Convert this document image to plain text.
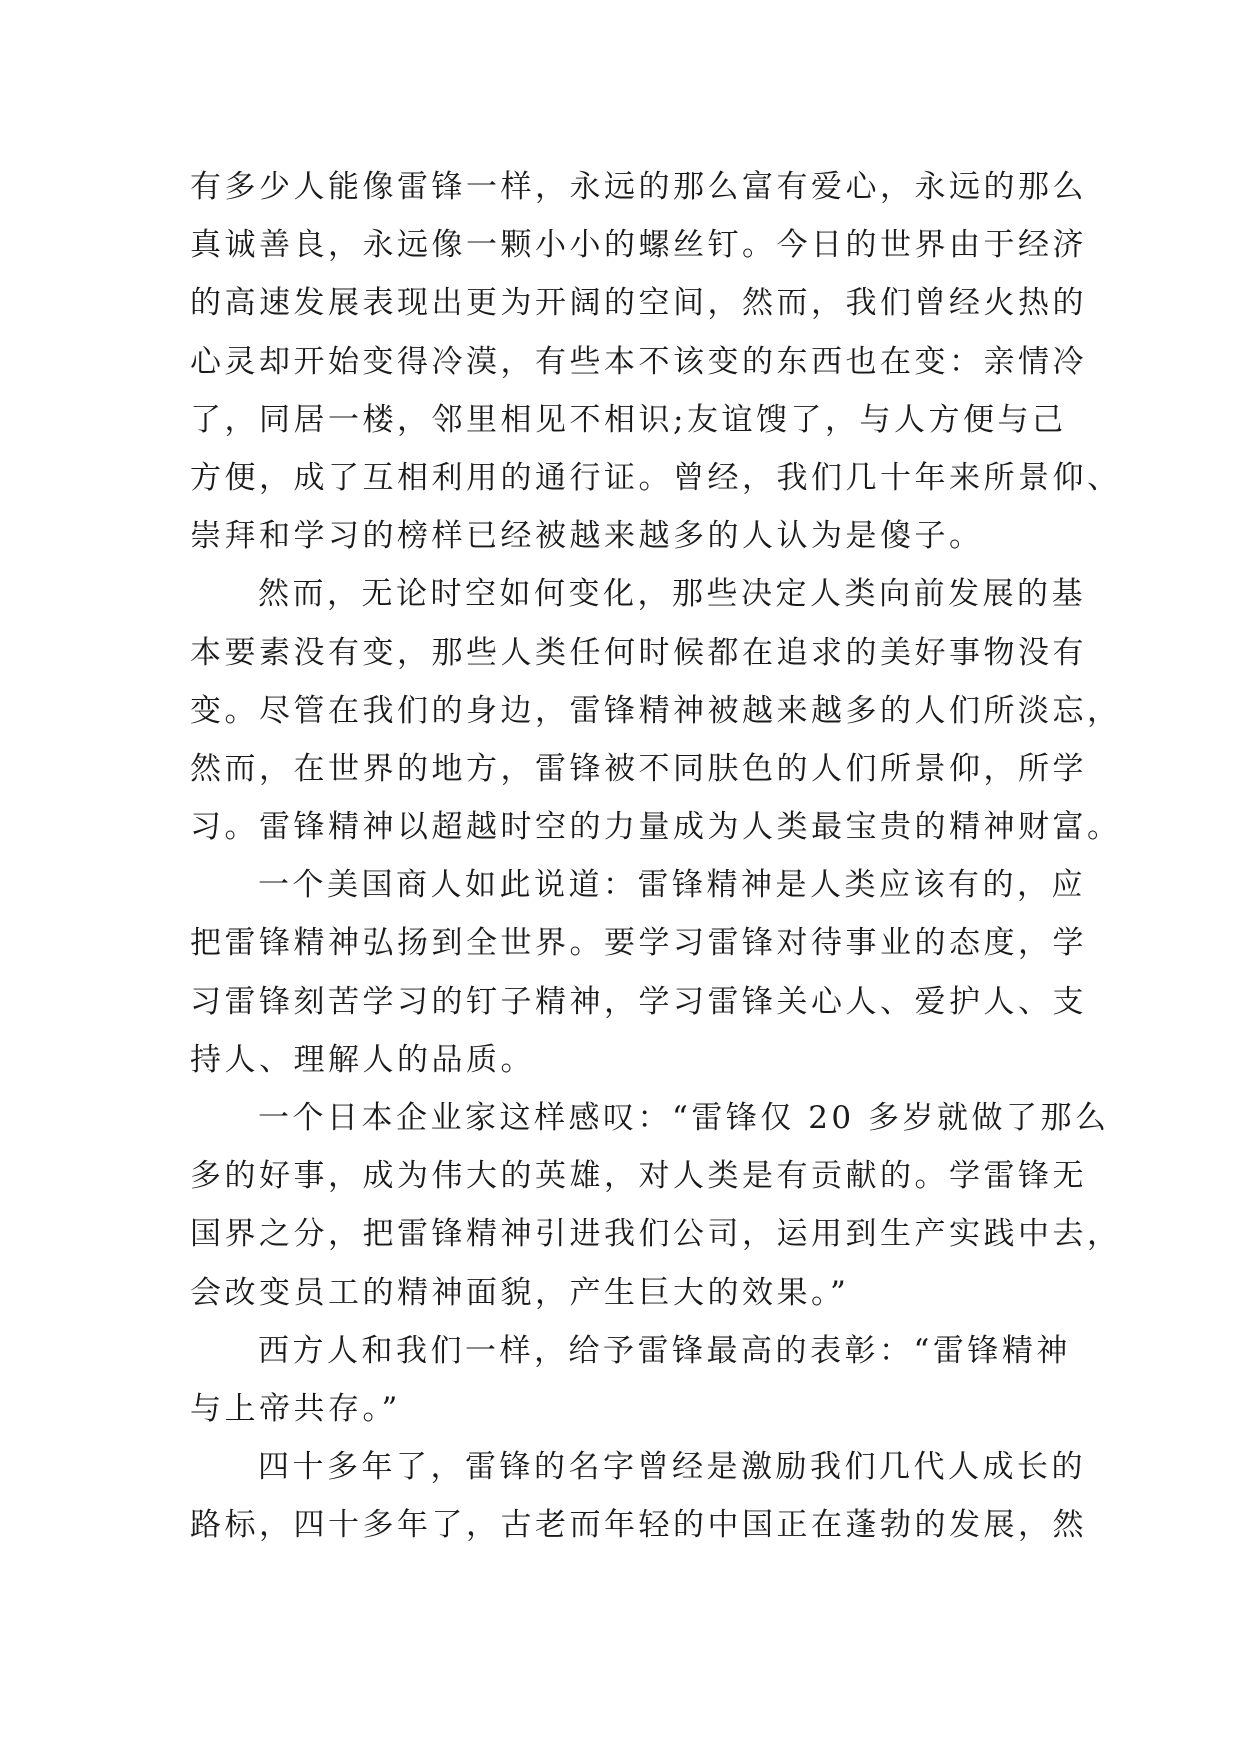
有多少人能像雷锋一样，永远的那么富有爱心，永远的那么
真诚善良，永远像一颗小小的螺丝钉。今日的世界由于经济
的高速发展表现出更为开阔的空间，然而，我们曾经火热的
心灵却开始变得冷漠，有些本不该变的东西也在变：亲情冷
了，同居一楼，邻里相见不相识;友谊馊了，与人方便与己
方便，成了互相利用的通行证。曾经，我们几十年来所景仰、
崇拜和学习的榜样已经被越来越多的人认为是傻子。
然而，无论时空如何变化，那些决定人类向前发展的基
本要素没有变，那些人类任何时候都在追求的美好事物没有
变。尽管在我们的身边，雷锋精神被越来越多的人们所淡忘，
然而，在世界的地方，雷锋被不同肤色的人们所景仰，所学
习。雷锋精神以超越时空的力量成为人类最宝贵的精神财富。
一个美国商人如此说道：雷锋精神是人类应该有的，应
把雷锋精神弘扬到全世界。要学习雷锋对待事业的态度，学
习雷锋刻苦学习的钉子精神，学习雷锋关心人、爱护人、支
持人、理解人的品质。
一个日本企业家这样感叹：“雷锋仅 20 多岁就做了那么
多的好事，成为伟大的英雄，对人类是有贡献的。学雷锋无
国界之分，把雷锋精神引进我们公司，运用到生产实践中去，
会改变员工的精神面貌，产生巨大的效果。”
西方人和我们一样，给予雷锋最高的表彰：“雷锋精神
与上帝共存。”
四十多年了，雷锋的名字曾经是激励我们几代人成长的
路标，四十多年了，古老而年轻的中国正在蓬勃的发展，然
